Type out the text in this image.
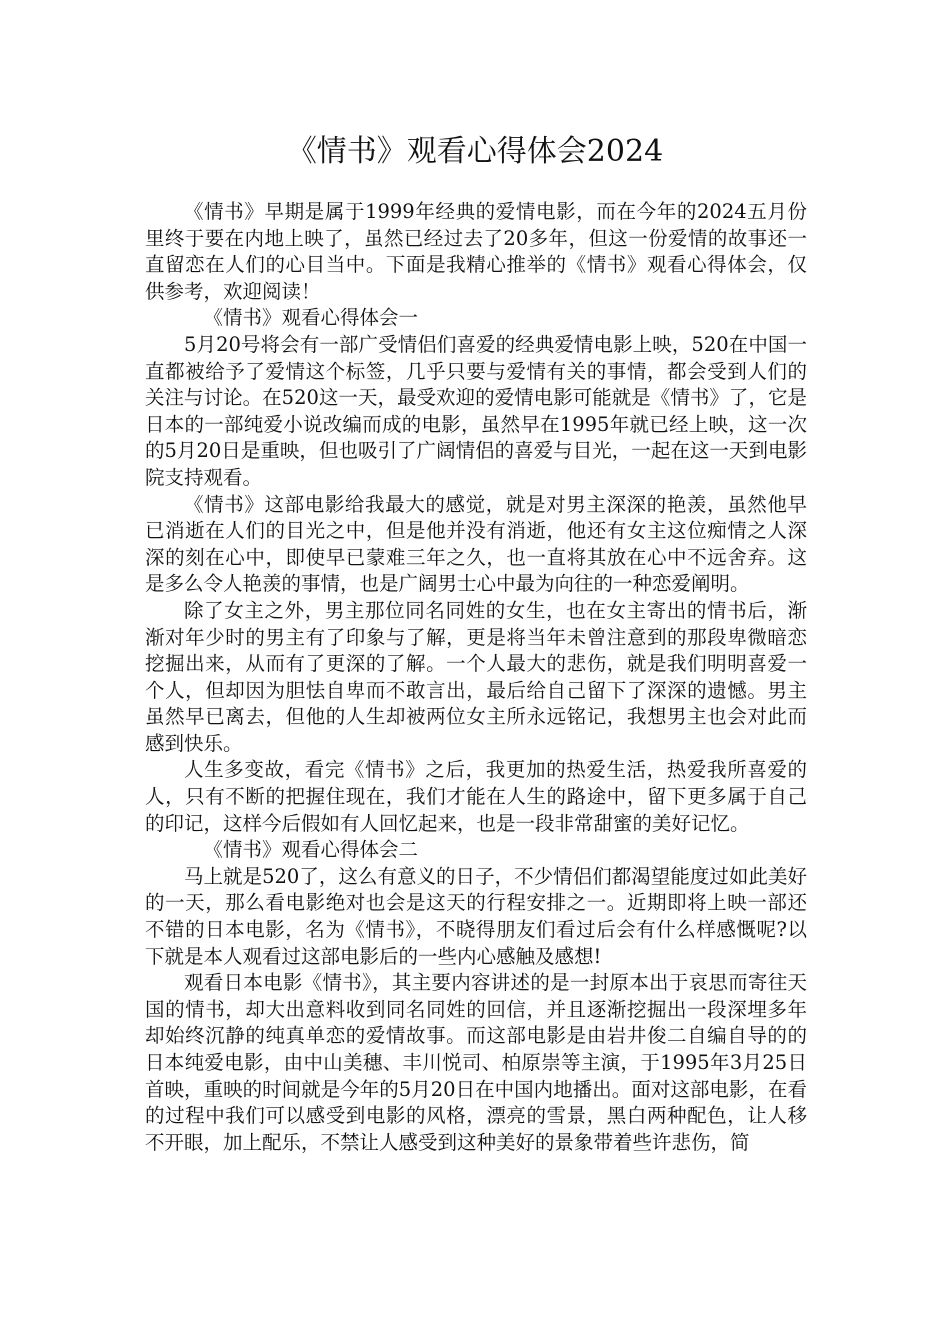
《情书》观看心得体会2024

《情书》早期是属于1999年经典的爱情电影，而在今年的2024五月份里终于要在内地上映了，虽然已经过去了20多年，但这一份爱情的故事还一直留恋在人们的心目当中。下面是我精心推举的《情书》观看心得体会，仅供参考，欢迎阅读！

《情书》观看心得体会一

5月20号将会有一部广受情侣们喜爱的经典爱情电影上映，520在中国一直都被给予了爱情这个标签，几乎只要与爱情有关的事情，都会受到人们的关注与讨论。在520这一天，最受欢迎的爱情电影可能就是《情书》了，它是日本的一部纯爱小说改编而成的电影，虽然早在1995年就已经上映，这一次的5月20日是重映，但也吸引了广阔情侣的喜爱与目光，一起在这一天到电影院支持观看。

《情书》这部电影给我最大的感觉，就是对男主深深的艳羡，虽然他早已消逝在人们的目光之中，但是他并没有消逝，他还有女主这位痴情之人深深的刻在心中，即使早已蒙难三年之久，也一直将其放在心中不远舍弃。这是多么令人艳羡的事情，也是广阔男士心中最为向往的一种恋爱阐明。

除了女主之外，男主那位同名同姓的女生，也在女主寄出的情书后，渐渐对年少时的男主有了印象与了解，更是将当年未曾注意到的那段卑微暗恋挖掘出来，从而有了更深的了解。一个人最大的悲伤，就是我们明明喜爱一个人，但却因为胆怯自卑而不敢言出，最后给自己留下了深深的遗憾。男主虽然早已离去，但他的人生却被两位女主所永远铭记，我想男主也会对此而感到快乐。

人生多变故，看完《情书》之后，我更加的热爱生活，热爱我所喜爱的人，只有不断的把握住现在，我们才能在人生的路途中，留下更多属于自己的印记，这样今后假如有人回忆起来，也是一段非常甜蜜的美好记忆。

《情书》观看心得体会二

马上就是520了，这么有意义的日子，不少情侣们都渴望能度过如此美好的一天，那么看电影绝对也会是这天的行程安排之一。近期即将上映一部还不错的日本电影，名为《情书》，不晓得朋友们看过后会有什么样感慨呢?以下就是本人观看过这部电影后的一些内心感触及感想!

观看日本电影《情书》，其主要内容讲述的是一封原本出于哀思而寄往天国的情书，却大出意料收到同名同姓的回信，并且逐渐挖掘出一段深埋多年却始终沉静的纯真单恋的爱情故事。而这部电影是由岩井俊二自编自导的的日本纯爱电影，由中山美穗、丰川悦司、柏原崇等主演，于1995年3月25日首映，重映的时间就是今年的5月20日在中国内地播出。面对这部电影，在看的过程中我们可以感受到电影的风格，漂亮的雪景，黑白两种配色，让人移不开眼，加上配乐，不禁让人感受到这种美好的景象带着些许悲伤，简
